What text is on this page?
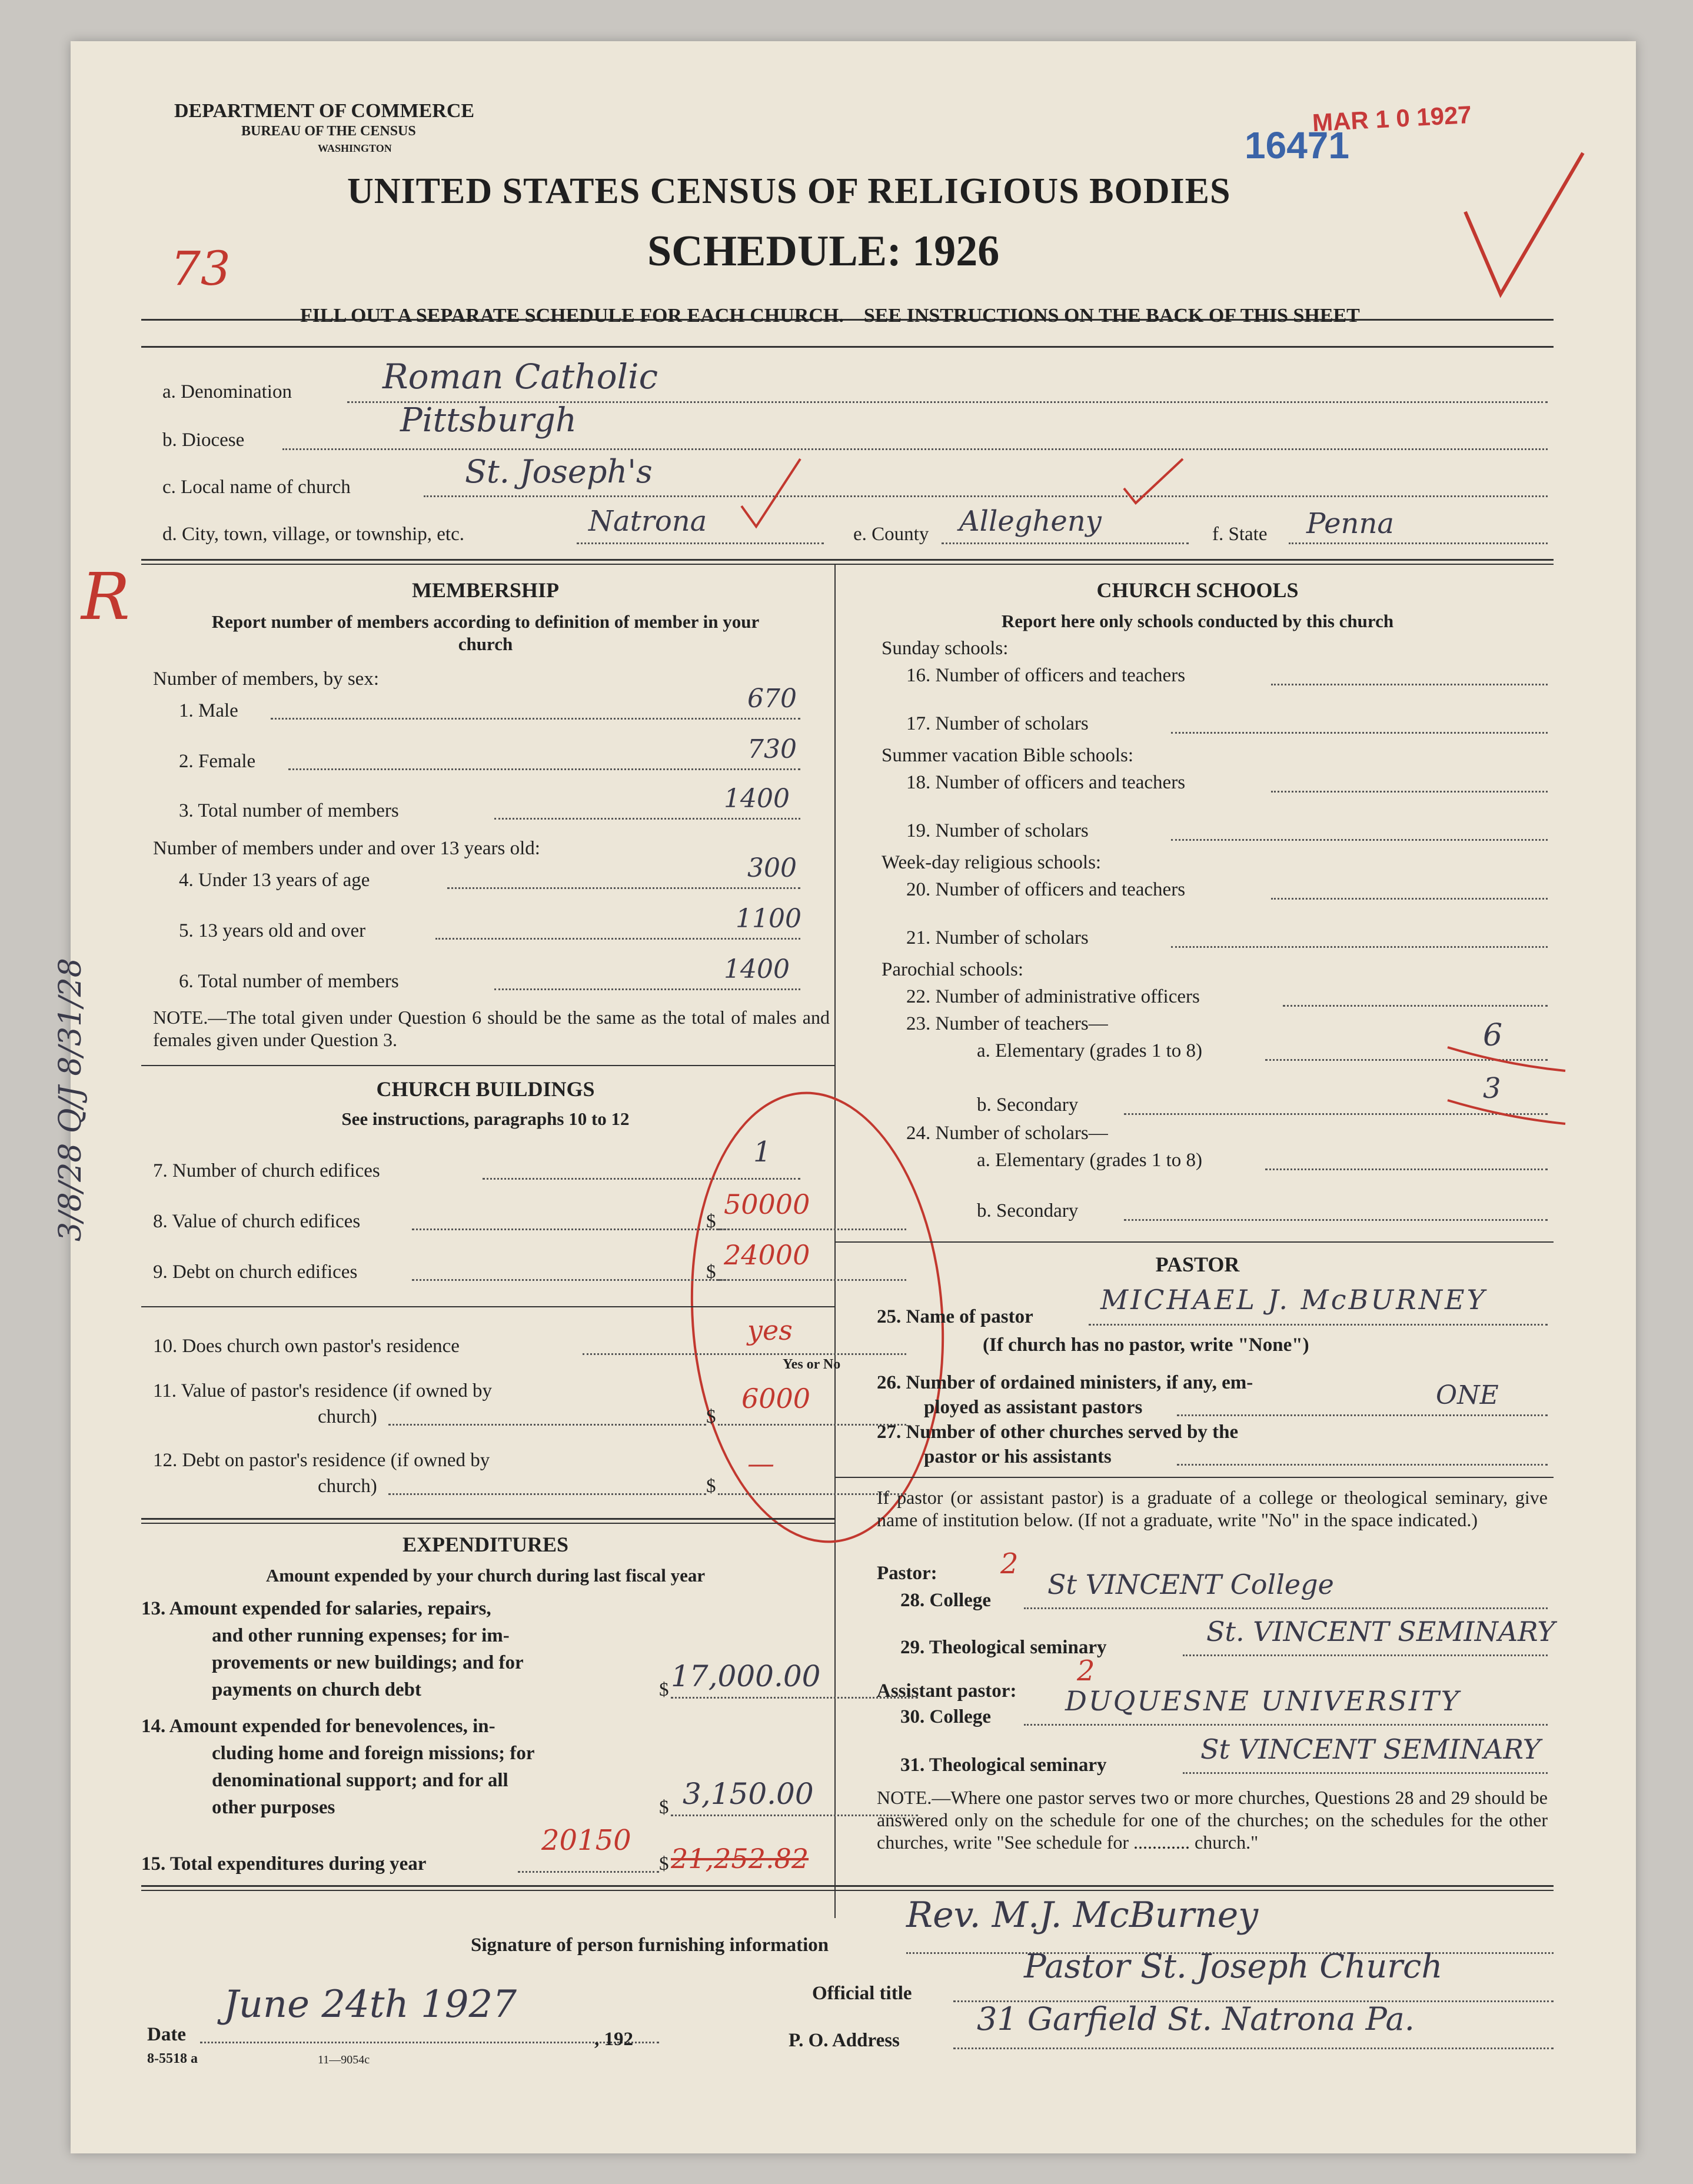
DEPARTMENT OF COMMERCE
BUREAU OF THE CENSUS
WASHINGTON
MAR 1 0 1927
16471
UNITED STATES CENSUS OF RELIGIOUS BODIES
SCHEDULE: 1926
73
FILL OUT A SEPARATE SCHEDULE FOR EACH CHURCH.    SEE INSTRUCTIONS ON THE BACK OF THIS SHEET
a. Denomination	Roman Catholic
b. Diocese
Pittsburgh
c. Local name of church	St. Joseph's
d. City, town, village, or township, etc.	Natrona	e. County Allegheny	f. State Penna
R
3/8/28 Q/J 8/31/28
MEMBERSHIP
Report number of members according to definition of member in your church
Number of members, by sex:
1. Male	670
2. Female	730
3. Total number of members	1400
Number of members under and over 13 years old:
4. Under 13 years of age	300
5. 13 years old and over	1100
6. Total number of members	1400
NOTE.—The total given under Question 6 should be the same as the total of males and females given under Question 3.
CHURCH BUILDINGS
See instructions, paragraphs 10 to 12
7. Number of church edifices
1
8. Value of church edifices	$
50000
9. Debt on church edifices	$
24000
10. Does church own pastor's residence	yes
Yes or No
11. Value of pastor's residence (if owned by
church)	$
6000
12. Debt on pastor's residence (if owned by
church)	$
—
EXPENDITURES
Amount expended by your church during last fiscal year
13. Amount expended for salaries, repairs,
and other running expenses; for im-
provements or new buildings; and for
payments on church debt	$ 17,000.00
14. Amount expended for benevolences, in-
cluding home and foreign missions; for
denominational support; and for all
other purposes	$ 3,150.00
15. Total expenditures during year	$
20150
21,252.82
CHURCH SCHOOLS
Report here only schools conducted by this church
Sunday schools:
16. Number of officers and teachers
17. Number of scholars
Summer vacation Bible schools:
18. Number of officers and teachers
19. Number of scholars
Week-day religious schools:
20. Number of officers and teachers
21. Number of scholars
Parochial schools:
22. Number of administrative officers
23. Number of teachers—
a. Elementary (grades 1 to 8)	6
b. Secondary	3
24. Number of scholars—
a. Elementary (grades 1 to 8)
b. Secondary
PASTOR
25. Name of pastor
MICHAEL J. McBURNEY
(If church has no pastor, write "None")
26. Number of ordained ministers, if any, em-
ployed as assistant pastors	ONE
27. Number of other churches served by the
pastor or his assistants
If pastor (or assistant pastor) is a graduate of a college or theological seminary, give name of institution below. (If not a graduate, write "No" in the space indicated.)
Pastor: 2
28. College St VINCENT College
29. Theological seminary	St. VINCENT SEMINARY
Assistant pastor:
2
30. College	DUQUESNE UNIVERSITY
31. Theological seminary	St VINCENT SEMINARY
NOTE.—Where one pastor serves two or more churches, Questions 28 and 29 should be answered only on the schedule for one of the churches; on the schedules for the other churches, write "See schedule for ............ church."
Signature of person furnishing information
Rev. M.J. McBurney
Official title
Pastor St. Joseph Church
Date
June 24th 1927
, 192	P. O. Address
31 Garfield St. Natrona Pa.
8-5518 a	11—9054c
